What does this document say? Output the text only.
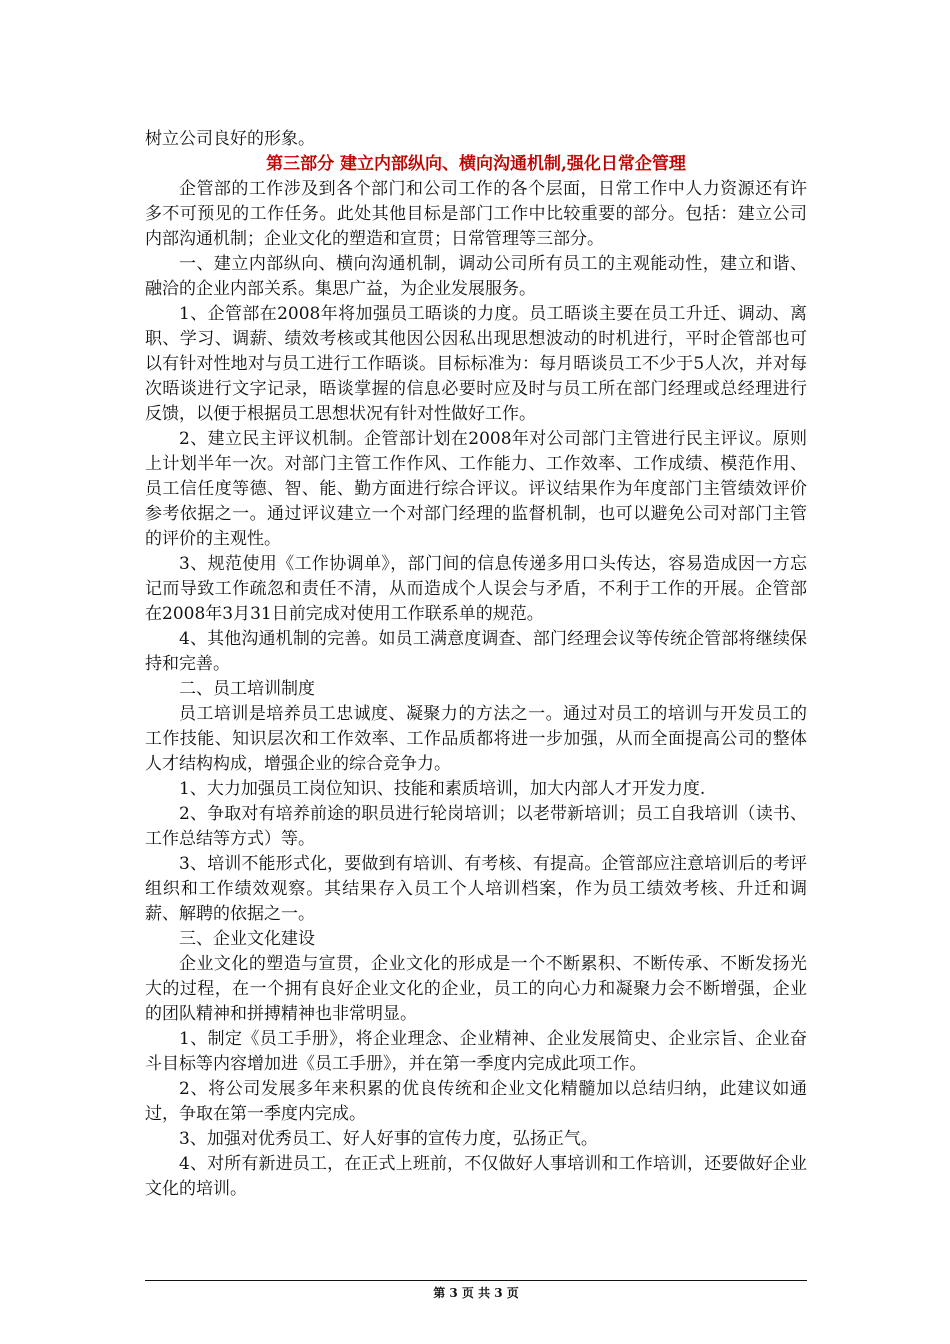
树立公司良好的形象。

第三部分 建立内部纵向、横向沟通机制,强化日常企管理

企管部的工作涉及到各个部门和公司工作的各个层面，日常工作中人力资源还有许多不可预见的工作任务。此处其他目标是部门工作中比较重要的部分。包括：建立公司内部沟通机制；企业文化的塑造和宣贯；日常管理等三部分。

一、建立内部纵向、横向沟通机制，调动公司所有员工的主观能动性，建立和谐、融洽的企业内部关系。集思广益，为企业发展服务。

1、企管部在2008年将加强员工晤谈的力度。员工晤谈主要在员工升迁、调动、离职、学习、调薪、绩效考核或其他因公因私出现思想波动的时机进行，平时企管部也可以有针对性地对与员工进行工作晤谈。目标标准为：每月晤谈员工不少于5人次，并对每次晤谈进行文字记录，晤谈掌握的信息必要时应及时与员工所在部门经理或总经理进行反馈，以便于根据员工思想状况有针对性做好工作。

2、建立民主评议机制。企管部计划在2008年对公司部门主管进行民主评议。原则上计划半年一次。对部门主管工作作风、工作能力、工作效率、工作成绩、模范作用、员工信任度等德、智、能、勤方面进行综合评议。评议结果作为年度部门主管绩效评价参考依据之一。通过评议建立一个对部门经理的监督机制，也可以避免公司对部门主管的评价的主观性。

3、规范使用《工作协调单》，部门间的信息传递多用口头传达，容易造成因一方忘记而导致工作疏忽和责任不清，从而造成个人误会与矛盾，不利于工作的开展。企管部在2008年3月31日前完成对使用工作联系单的规范。

4、其他沟通机制的完善。如员工满意度调查、部门经理会议等传统企管部将继续保持和完善。

二、员工培训制度

员工培训是培养员工忠诚度、凝聚力的方法之一。通过对员工的培训与开发员工的工作技能、知识层次和工作效率、工作品质都将进一步加强，从而全面提高公司的整体人才结构构成，增强企业的综合竞争力。

1、大力加强员工岗位知识、技能和素质培训，加大内部人才开发力度.

2、争取对有培养前途的职员进行轮岗培训；以老带新培训；员工自我培训（读书、工作总结等方式）等。

3、培训不能形式化，要做到有培训、有考核、有提高。企管部应注意培训后的考评组织和工作绩效观察。其结果存入员工个人培训档案，作为员工绩效考核、升迁和调薪、解聘的依据之一。

三、企业文化建设

企业文化的塑造与宣贯，企业文化的形成是一个不断累积、不断传承、不断发扬光大的过程，在一个拥有良好企业文化的企业，员工的向心力和凝聚力会不断增强，企业的团队精神和拼搏精神也非常明显。

1、制定《员工手册》，将企业理念、企业精神、企业发展简史、企业宗旨、企业奋斗目标等内容增加进《员工手册》，并在第一季度内完成此项工作。

2、将公司发展多年来积累的优良传统和企业文化精髓加以总结归纳，此建议如通过，争取在第一季度内完成。

3、加强对优秀员工、好人好事的宣传力度，弘扬正气。

4、对所有新进员工，在正式上班前，不仅做好人事培训和工作培训，还要做好企业文化的培训。

第 3 页 共 3 页
